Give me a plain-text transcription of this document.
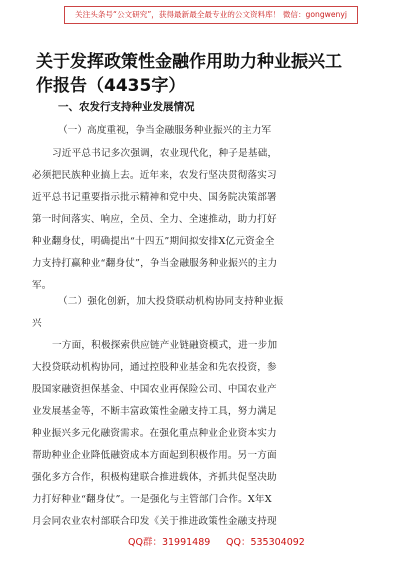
关注头条号“公文研究”，获得最新最全最专业的公文资料库！ 微信：gongwenyj
关于发挥政策性金融作用助力种业振兴工
作报告（4435字）
一、农发行支持种业发展情况
（一）高度重视，争当金融服务种业振兴的主力军
习近平总书记多次强调，农业现代化，种子是基础，
必须把民族种业搞上去。近年来，农发行坚决贯彻落实习
近平总书记重要指示批示精神和党中央、国务院决策部署
第一时间落实、响应，全员、全力、全速推动，助力打好
种业翻身仗，明确提出“十四五”期间拟安排X亿元资金全
力支持打赢种业“翻身仗”，争当金融服务种业振兴的主力
军。
（二）强化创新，加大投贷联动机构协同支持种业振
兴
一方面，积极探索供应链产业链融资模式，进一步加
大投贷联动机构协同，通过控股种业基金和先农投资，参
股国家融资担保基金、中国农业再保险公司、中国农业产
业发展基金等，不断丰富政策性金融支持工具，努力满足
种业振兴多元化融资需求。在强化重点种业企业资本实力
帮助种业企业降低融资成本方面起到积极作用。另一方面
强化多方合作，积极构建联合推进载体，齐抓共促坚决助
力打好种业“翻身仗”。一是强化与主管部门合作。X年X
月会同农业农村部联合印发《关于推进政策性金融支持现
QQ群：31991489 QQ：535304092
